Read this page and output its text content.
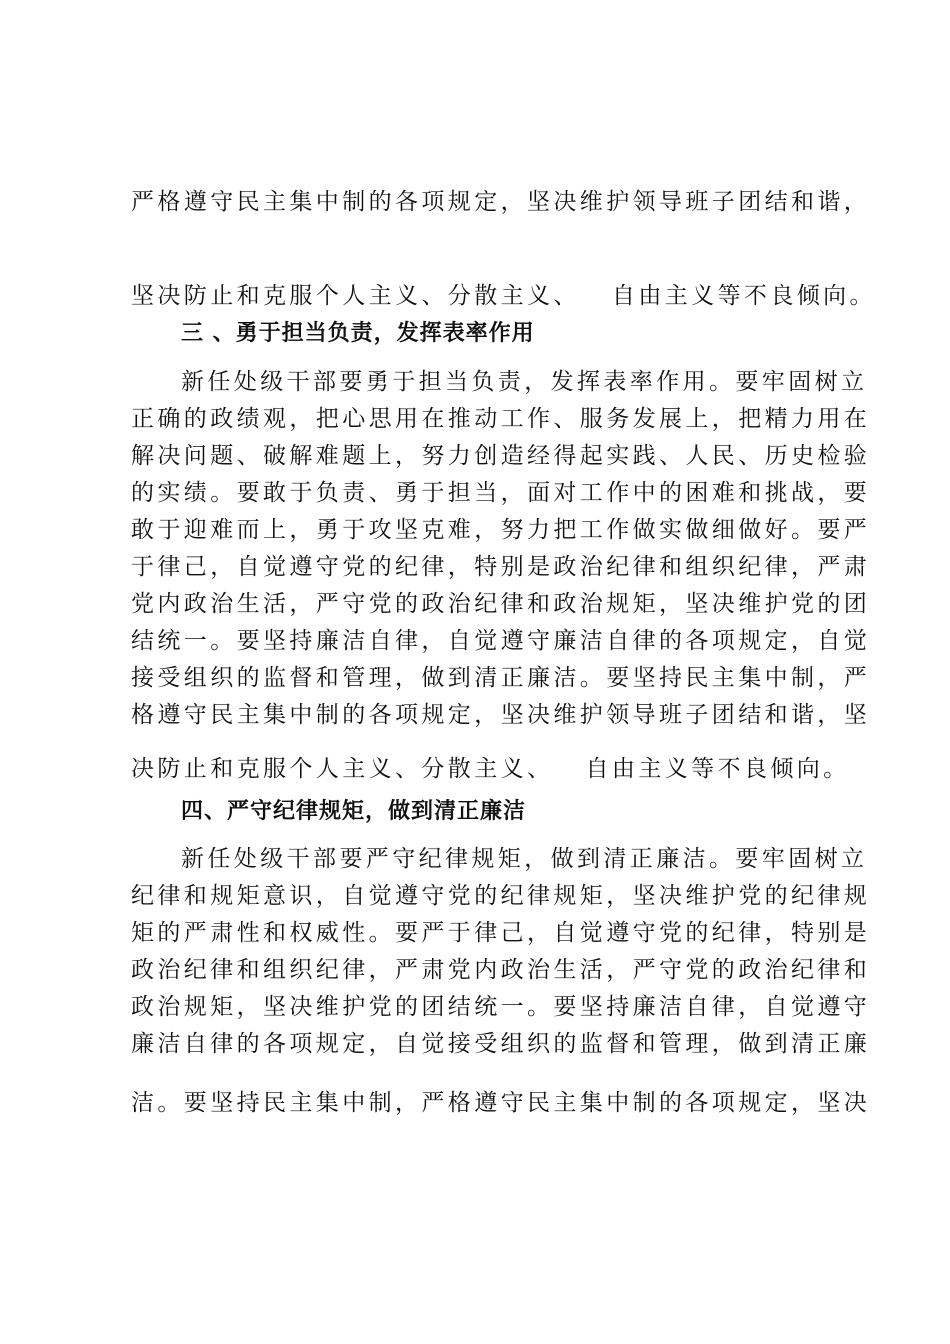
严格遵守民主集中制的各项规定，坚决维护领导班子团结和谐，
坚决防止和克服个人主义、分散主义、   自由主义等不良倾向。
三 、勇于担当负责，发挥表率作用
新任处级干部要勇于担当负责，发挥表率作用。要牢固树立
正确的政绩观，把心思用在推动工作、服务发展上，把精力用在
解决问题、破解难题上，努力创造经得起实践、人民、历史检验
的实绩。要敢于负责、勇于担当，面对工作中的困难和挑战，要
敢于迎难而上，勇于攻坚克难，努力把工作做实做细做好。要严
于律己，自觉遵守党的纪律，特别是政治纪律和组织纪律，严肃
党内政治生活，严守党的政治纪律和政治规矩，坚决维护党的团
结统一。要坚持廉洁自律，自觉遵守廉洁自律的各项规定，自觉
接受组织的监督和管理，做到清正廉洁。要坚持民主集中制，严
格遵守民主集中制的各项规定，坚决维护领导班子团结和谐，坚
决防止和克服个人主义、分散主义、   自由主义等不良倾向。
四、严守纪律规矩，做到清正廉洁
新任处级干部要严守纪律规矩，做到清正廉洁。要牢固树立
纪律和规矩意识，自觉遵守党的纪律规矩，坚决维护党的纪律规
矩的严肃性和权威性。要严于律己，自觉遵守党的纪律，特别是
政治纪律和组织纪律，严肃党内政治生活，严守党的政治纪律和
政治规矩，坚决维护党的团结统一。要坚持廉洁自律，自觉遵守
廉洁自律的各项规定，自觉接受组织的监督和管理，做到清正廉
洁。要坚持民主集中制，严格遵守民主集中制的各项规定，坚决
